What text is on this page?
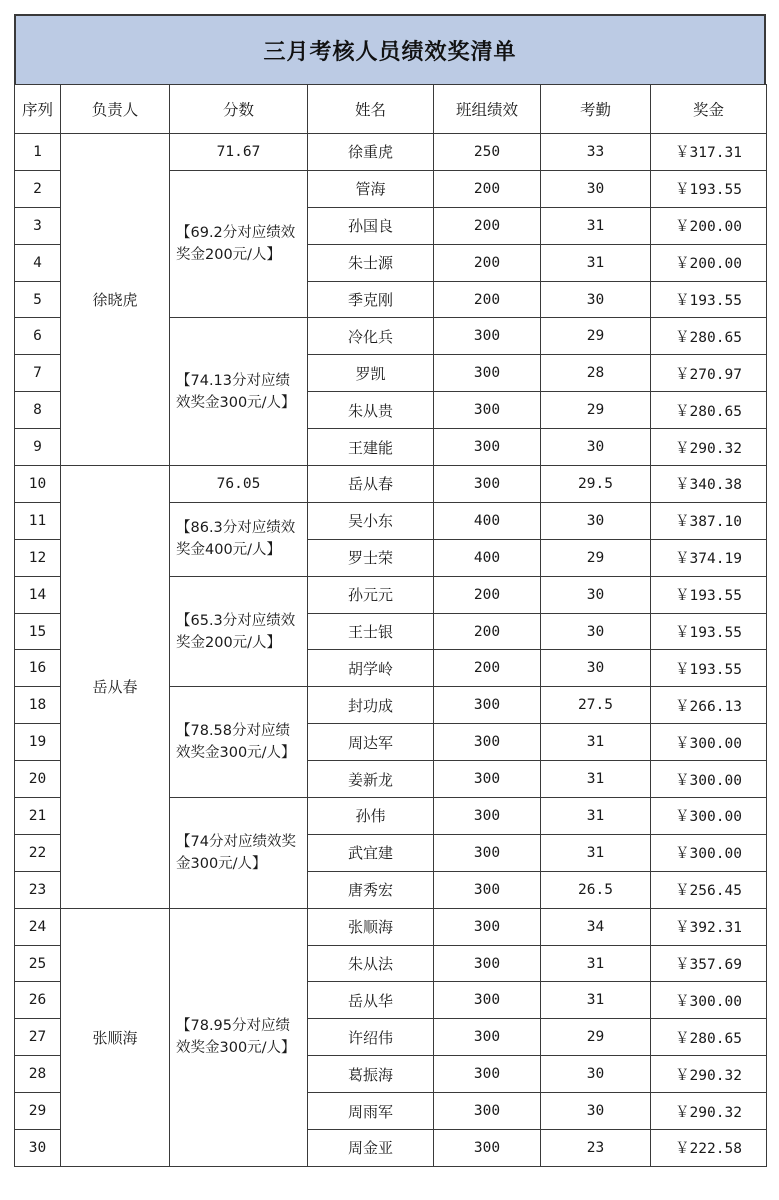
三月考核人员绩效奖清单
序列	负责人	分数	姓名	班组绩效	考勤	奖金
1	徐晓虎	71.67	徐重虎	250	33	￥317.31
2		【69.2分对应绩效奖金200元/人】	管海	200	30	￥193.55
3			孙国良	200	31	￥200.00
4			朱士源	200	31	￥200.00
5			季克刚	200	30	￥193.55
6		【74.13分对应绩效奖金300元/人】	冷化兵	300	29	￥280.65
7			罗凯	300	28	￥270.97
8			朱从贵	300	29	￥280.65
9			王建能	300	30	￥290.32
10	岳从春	76.05	岳从春	300	29.5	￥340.38
11		【86.3分对应绩效奖金400元/人】	吴小东	400	30	￥387.10
12			罗士荣	400	29	￥374.19
14		【65.3分对应绩效奖金200元/人】	孙元元	200	30	￥193.55
15			王士银	200	30	￥193.55
16			胡学岭	200	30	￥193.55
18		【78.58分对应绩效奖金300元/人】	封功成	300	27.5	￥266.13
19			周达军	300	31	￥300.00
20			姜新龙	300	31	￥300.00
21		【74分对应绩效奖金300元/人】	孙伟	300	31	￥300.00
22			武宜建	300	31	￥300.00
23			唐秀宏	300	26.5	￥256.45
24	张顺海	【78.95分对应绩效奖金300元/人】	张顺海	300	34	￥392.31
25			朱从法	300	31	￥357.69
26			岳从华	300	31	￥300.00
27			许绍伟	300	29	￥280.65
28			葛振海	300	30	￥290.32
29			周雨军	300	30	￥290.32
30			周金亚	300	23	￥222.58
